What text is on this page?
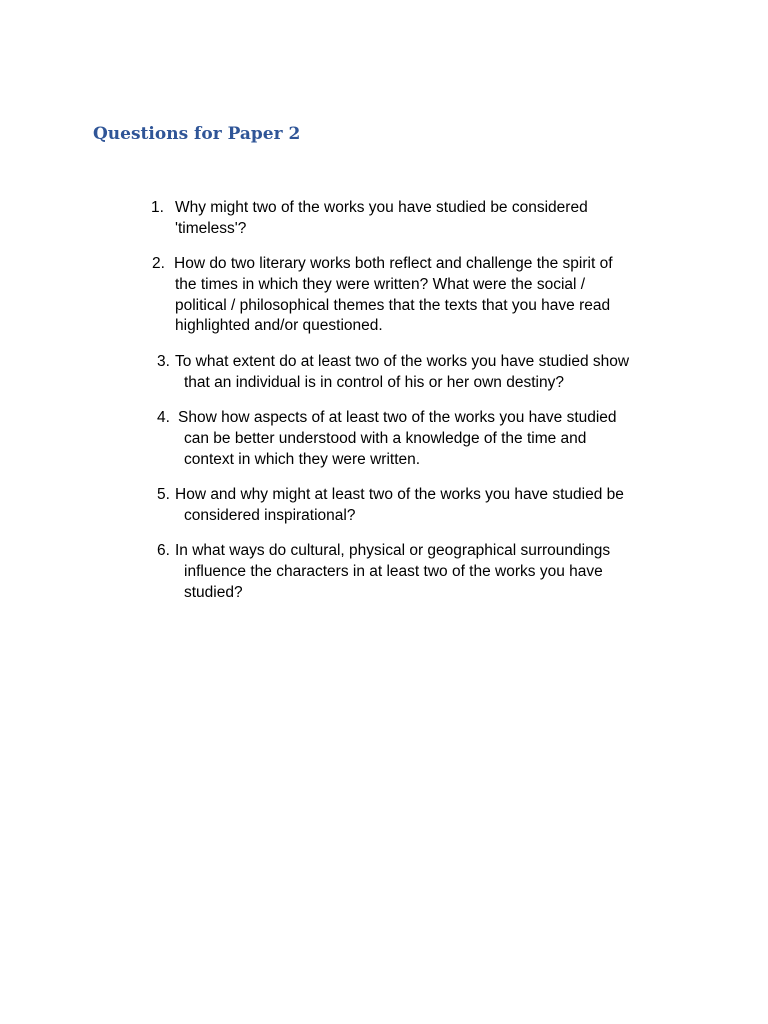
Questions for Paper 2
1. Why might two of the works you have studied be considered
'timeless'?
2. How do two literary works both reflect and challenge the spirit of
the times in which they were written? What were the social /
political / philosophical themes that the texts that you have read
highlighted and/or questioned.
3. To what extent do at least two of the works you have studied show
that an individual is in control of his or her own destiny?
4. Show how aspects of at least two of the works you have studied
can be better understood with a knowledge of the time and
context in which they were written.
5. How and why might at least two of the works you have studied be
considered inspirational?
6. In what ways do cultural, physical or geographical surroundings
influence the characters in at least two of the works you have
studied?
